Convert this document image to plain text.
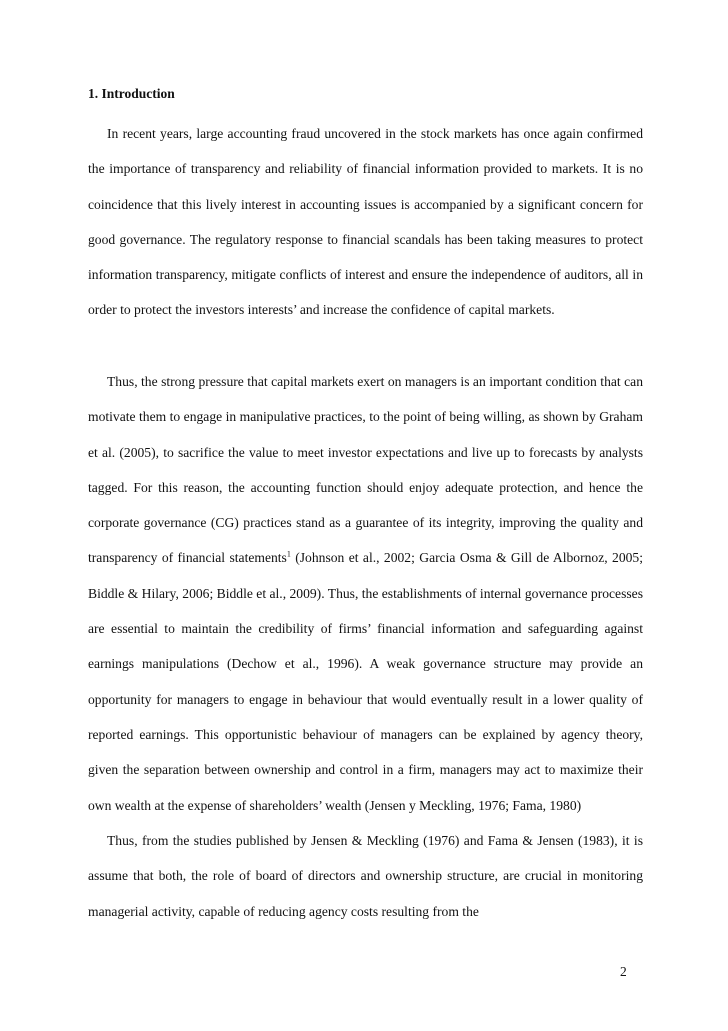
1. Introduction

In recent years, large accounting fraud uncovered in the stock markets has once again confirmed the importance of transparency and reliability of financial information provided to markets. It is no coincidence that this lively interest in accounting issues is accompanied by a significant concern for good governance. The regulatory response to financial scandals has been taking measures to protect information transparency, mitigate conflicts of interest and ensure the independence of auditors, all in order to protect the investors interests’ and increase the confidence of capital markets.

Thus, the strong pressure that capital markets exert on managers is an important condition that can motivate them to engage in manipulative practices, to the point of being willing, as shown by Graham et al. (2005), to sacrifice the value to meet investor expectations and live up to forecasts by analysts tagged. For this reason, the accounting function should enjoy adequate protection, and hence the corporate governance (CG) practices stand as a guarantee of its integrity, improving the quality and transparency of financial statements$^1$ (Johnson et al., 2002; Garcia Osma & Gill de Albornoz, 2005; Biddle & Hilary, 2006; Biddle et al., 2009). Thus, the establishments of internal governance processes are essential to maintain the credibility of firms’ financial information and safeguarding against earnings manipulations (Dechow et al., 1996). A weak governance structure may provide an opportunity for managers to engage in behaviour that would eventually result in a lower quality of reported earnings. This opportunistic behaviour of managers can be explained by agency theory, given the separation between ownership and control in a firm, managers may act to maximize their own wealth at the expense of shareholders’ wealth (Jensen y Meckling, 1976; Fama, 1980)

Thus, from the studies published by Jensen & Meckling (1976) and Fama & Jensen (1983), it is assume that both, the role of board of directors and ownership structure, are crucial in monitoring managerial activity, capable of reducing agency costs resulting from the

2
